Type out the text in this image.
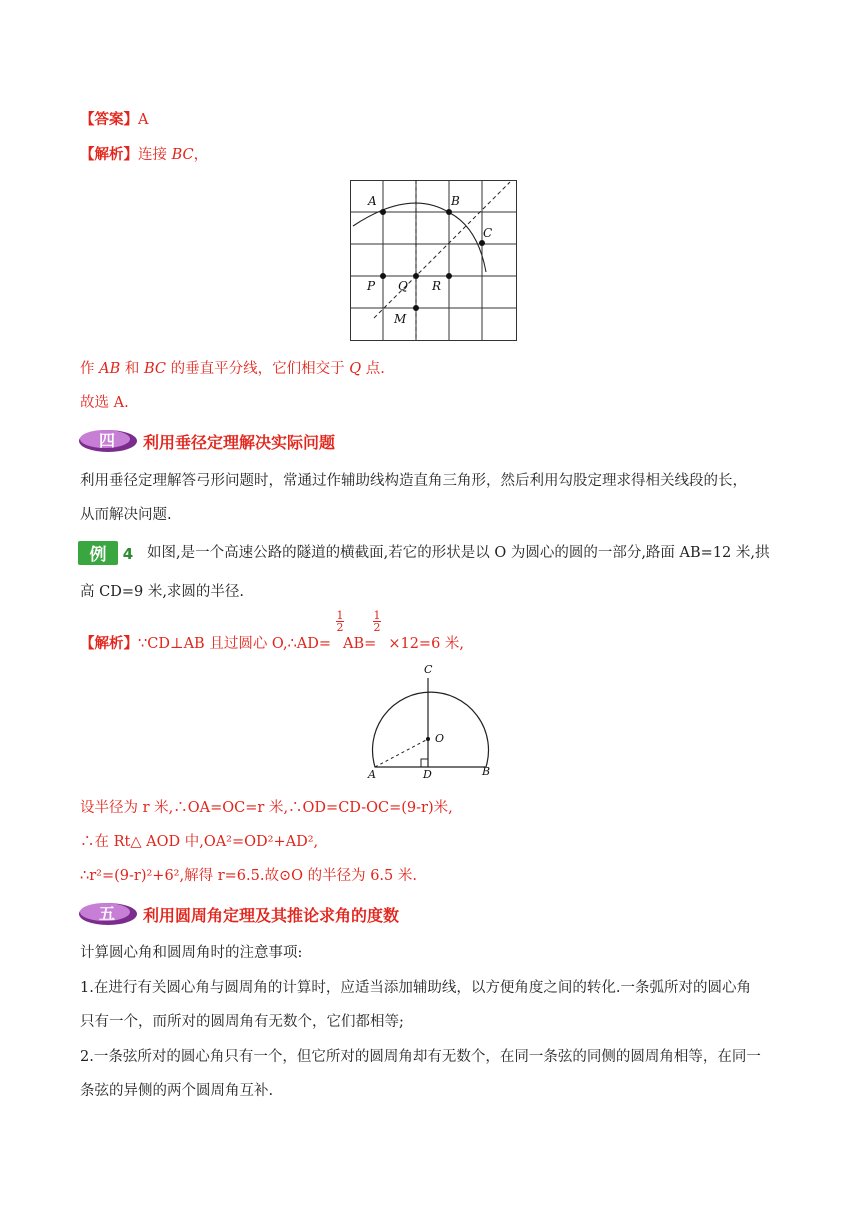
【答案】A
【解析】连接 BC，
A	B
C
P Q R
M
作 AB 和 BC 的垂直平分线，它们相交于 Q 点.
故选 A.
四 利用垂径定理解决实际问题
利用垂径定理解答弓形问题时，常通过作辅助线构造直角三角形，然后利用勾股定理求得相关线段的长，
从而解决问题.
例 4 如图,是一个高速公路的隧道的横截面,若它的形状是以 O 为圆心的圆的一部分,路面 AB=12 米,拱
高 CD=9 米,求圆的半径.
1
2
1
2
【解析】∵CD⊥AB 且过圆心 O,∴AD= AB= ×12=6 米,
C
O
A	D	B
设半径为 r 米,∴OA=OC=r 米,∴OD=CD-OC=(9-r)米,
∴在 Rt△ AOD 中,OA²=OD²+AD²,
∴r²=(9-r)²+6²,解得 r=6.5.故⊙O 的半径为 6.5 米.
五 利用圆周角定理及其推论求角的度数
计算圆心角和圆周角时的注意事项:
1.在进行有关圆心角与圆周角的计算时，应适当添加辅助线，以方便角度之间的转化.一条弧所对的圆心角
只有一个，而所对的圆周角有无数个，它们都相等;
2.一条弦所对的圆心角只有一个，但它所对的圆周角却有无数个，在同一条弦的同侧的圆周角相等，在同一
条弦的异侧的两个圆周角互补.
